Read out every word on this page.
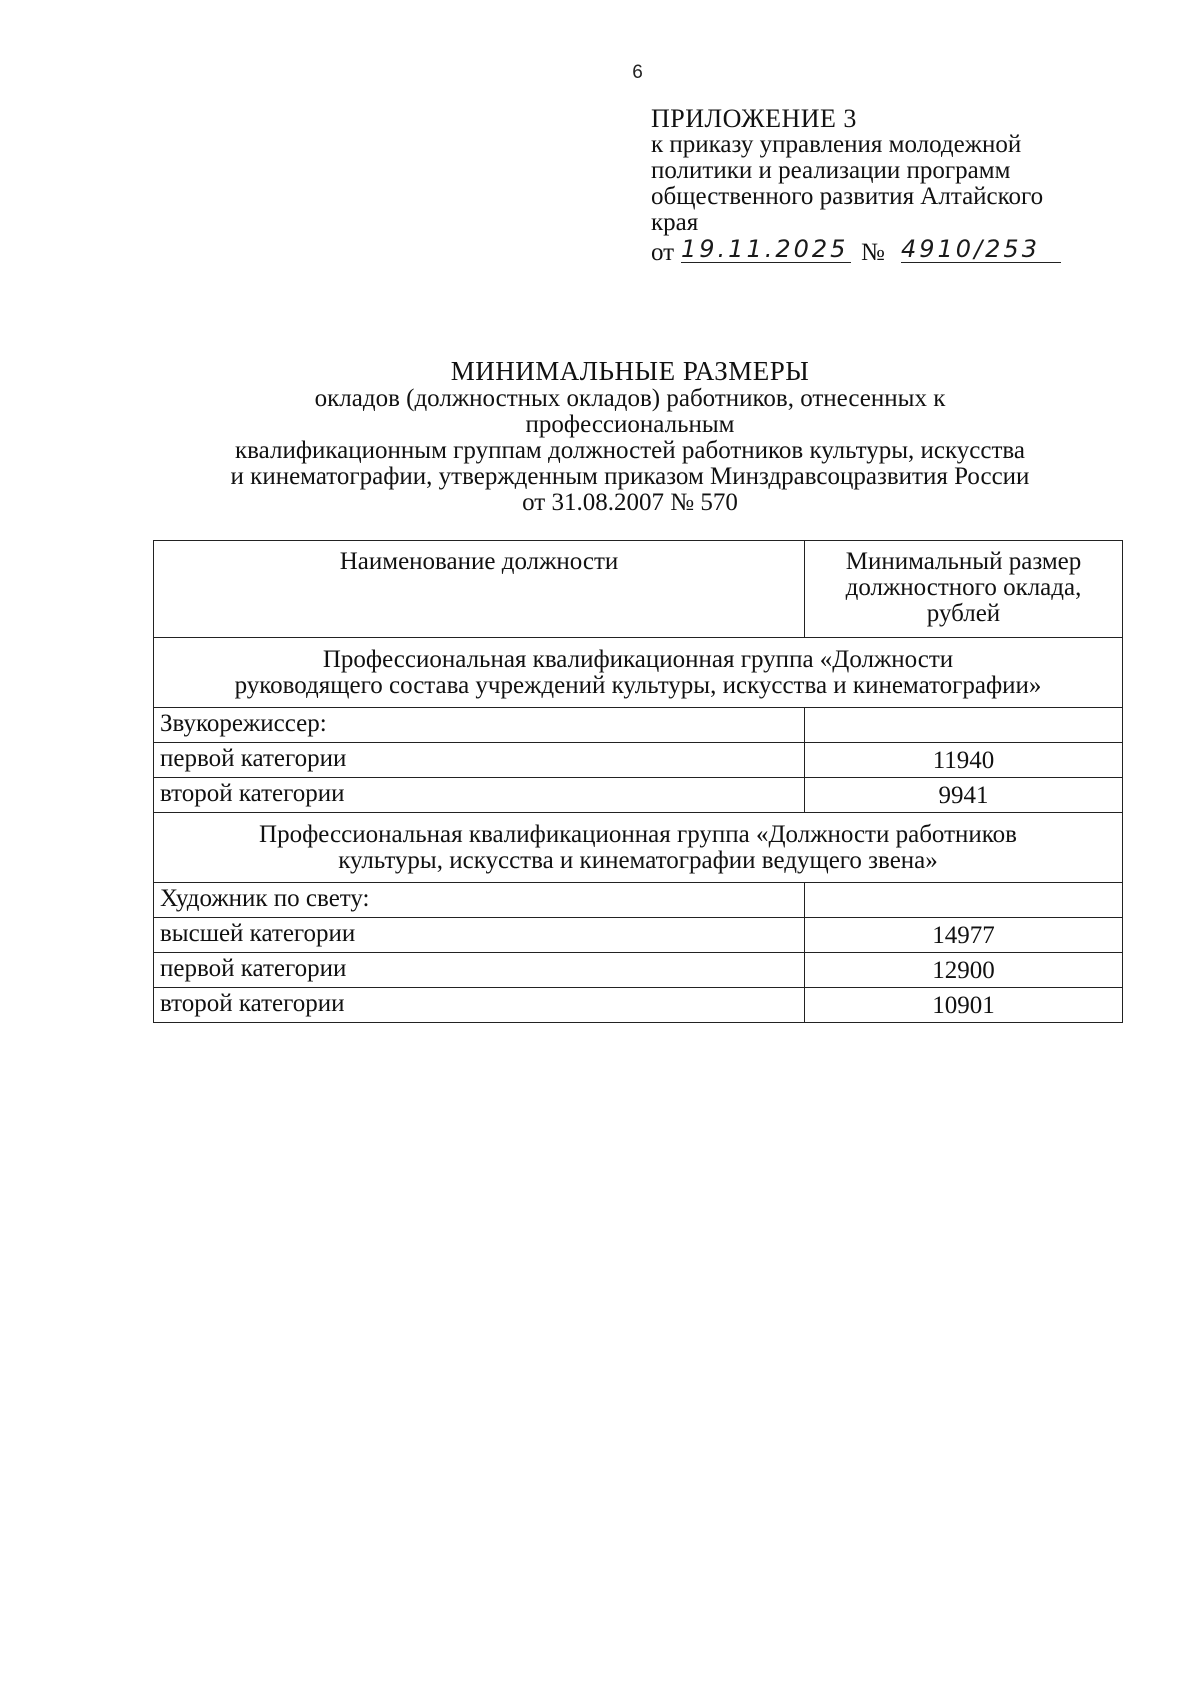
6
ПРИЛОЖЕНИЕ 3
к приказу управления молодежной
политики и реализации программ
общественного развития Алтайского
края
от 19.11.2025 № 4910/253
МИНИМАЛЬНЫЕ РАЗМЕРЫ
окладов (должностных окладов) работников, отнесенных к
профессиональным
квалификационным группам должностей работников культуры, искусства
и кинематографии, утвержденным приказом Минздравсоцразвития России
от 31.08.2007 № 570
Наименование должности	Минимальный размер
должностного оклада,
рублей

Профессиональная квалификационная группа «Должности
руководящего состава учреждений культуры, искусства и кинематографии»	

Звукорежиссер:	
первой категории	11940
второй категории	9941

Профессиональная квалификационная группа «Должности работников
культуры, искусства и кинематографии ведущего звена»	

Художник по свету:	
высшей категории	14977
первой категории	12900
второй категории	10901
